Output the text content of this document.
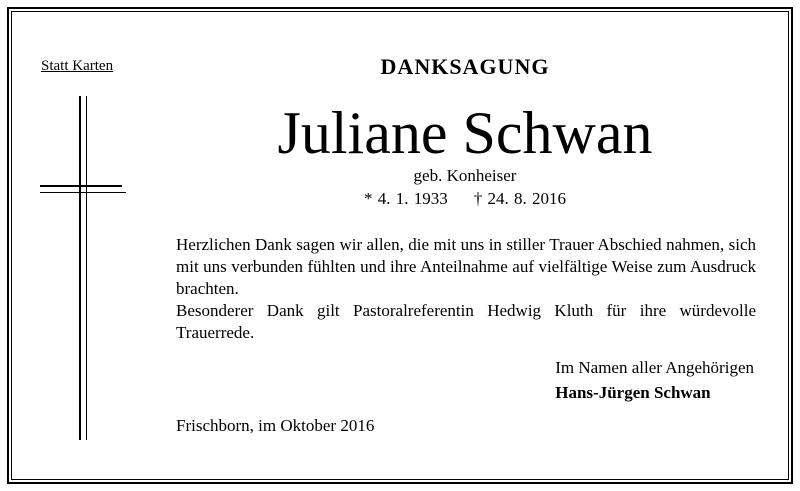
Statt Karten	DANKSAGUNG
Juliane Schwan
geb. Konheiser
* 4. 1. 1933 † 24. 8. 2016

Herzlichen Dank sagen wir allen, die mit uns in stiller Trauer Abschied nahmen, sich mit uns verbunden fühlten und ihre Anteilnahme auf vielfältige Weise zum Ausdruck brachten.

Besonderer Dank gilt Pastoralreferentin Hedwig Kluth für ihre würdevolle Trauerrede.

Im Namen aller Angehörigen
Hans-Jürgen Schwan
Frischborn, im Oktober 2016
